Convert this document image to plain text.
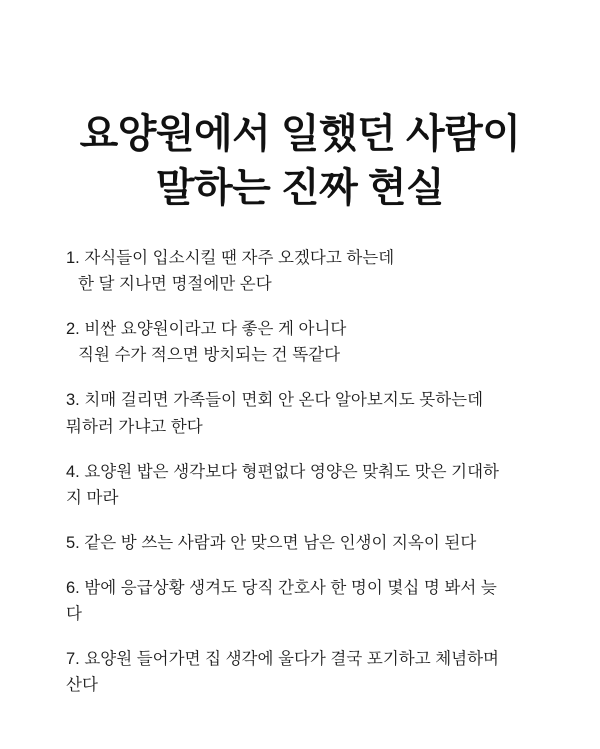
요양원에서 일했던 사람이
말하는 진짜 현실
1. 자식들이 입소시킬 땐 자주 오겠다고 하는데
한 달 지나면 명절에만 온다
2. 비싼 요양원이라고 다 좋은 게 아니다
직원 수가 적으면 방치되는 건 똑같다
3. 치매 걸리면 가족들이 면회 안 온다 알아보지도 못하는데
뭐하러 가냐고 한다
4. 요양원 밥은 생각보다 형편없다 영양은 맞춰도 맛은 기대하
지 마라
5. 같은 방 쓰는 사람과 안 맞으면 남은 인생이 지옥이 된다
6. 밤에 응급상황 생겨도 당직 간호사 한 명이 몇십 명 봐서 늦
다
7. 요양원 들어가면 집 생각에 울다가 결국 포기하고 체념하며
산다
